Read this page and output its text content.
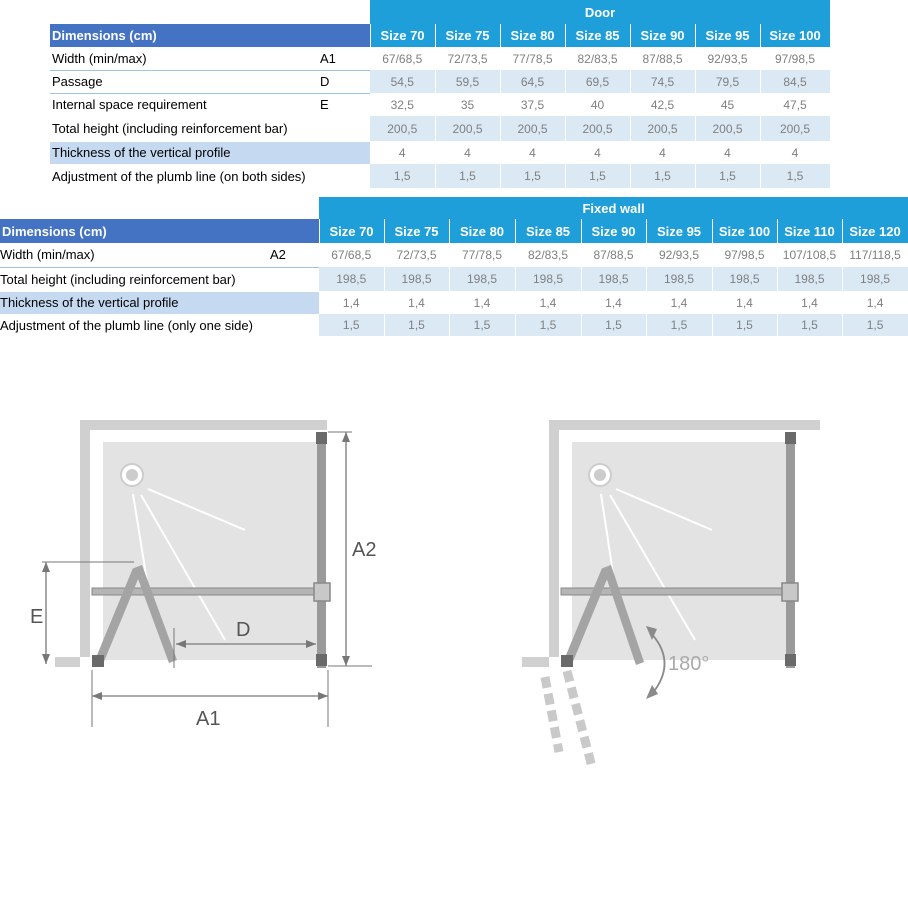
		Door						
Dimensions (cm)		Size 70	Size 75	Size 80	Size 85	Size 90	Size 95	Size 100
Width (min/max)	A1	67/68,5	72/73,5	77/78,5	82/83,5	87/88,5	92/93,5	97/98,5
Passage	D	54,5	59,5	64,5	69,5	74,5	79,5	84,5
Internal space requirement	E	32,5	35	37,5	40	42,5	45	47,5
Total height (including reinforcement bar)		200,5	200,5	200,5	200,5	200,5	200,5	200,5
Thickness of the vertical profile		4	4	4	4	4	4	4
Adjustment of the plumb line (on both sides)		1,5	1,5	1,5	1,5	1,5	1,5	1,5
		Fixed wall								
Dimensions (cm)		Size 70	Size 75	Size 80	Size 85	Size 90	Size 95	Size 100	Size 110	Size 120
Width (min/max)	A2	67/68,5	72/73,5	77/78,5	82/83,5	87/88,5	92/93,5	97/98,5	107/108,5	117/118,5
Total height (including reinforcement bar)		198,5	198,5	198,5	198,5	198,5	198,5	198,5	198,5	198,5
Thickness of the vertical profile		1,4	1,4	1,4	1,4	1,4	1,4	1,4	1,4	1,4
Adjustment of the plumb line (only one side)		1,5	1,5	1,5	1,5	1,5	1,5	1,5	1,5	1,5
E
D
A1
A2
180°
